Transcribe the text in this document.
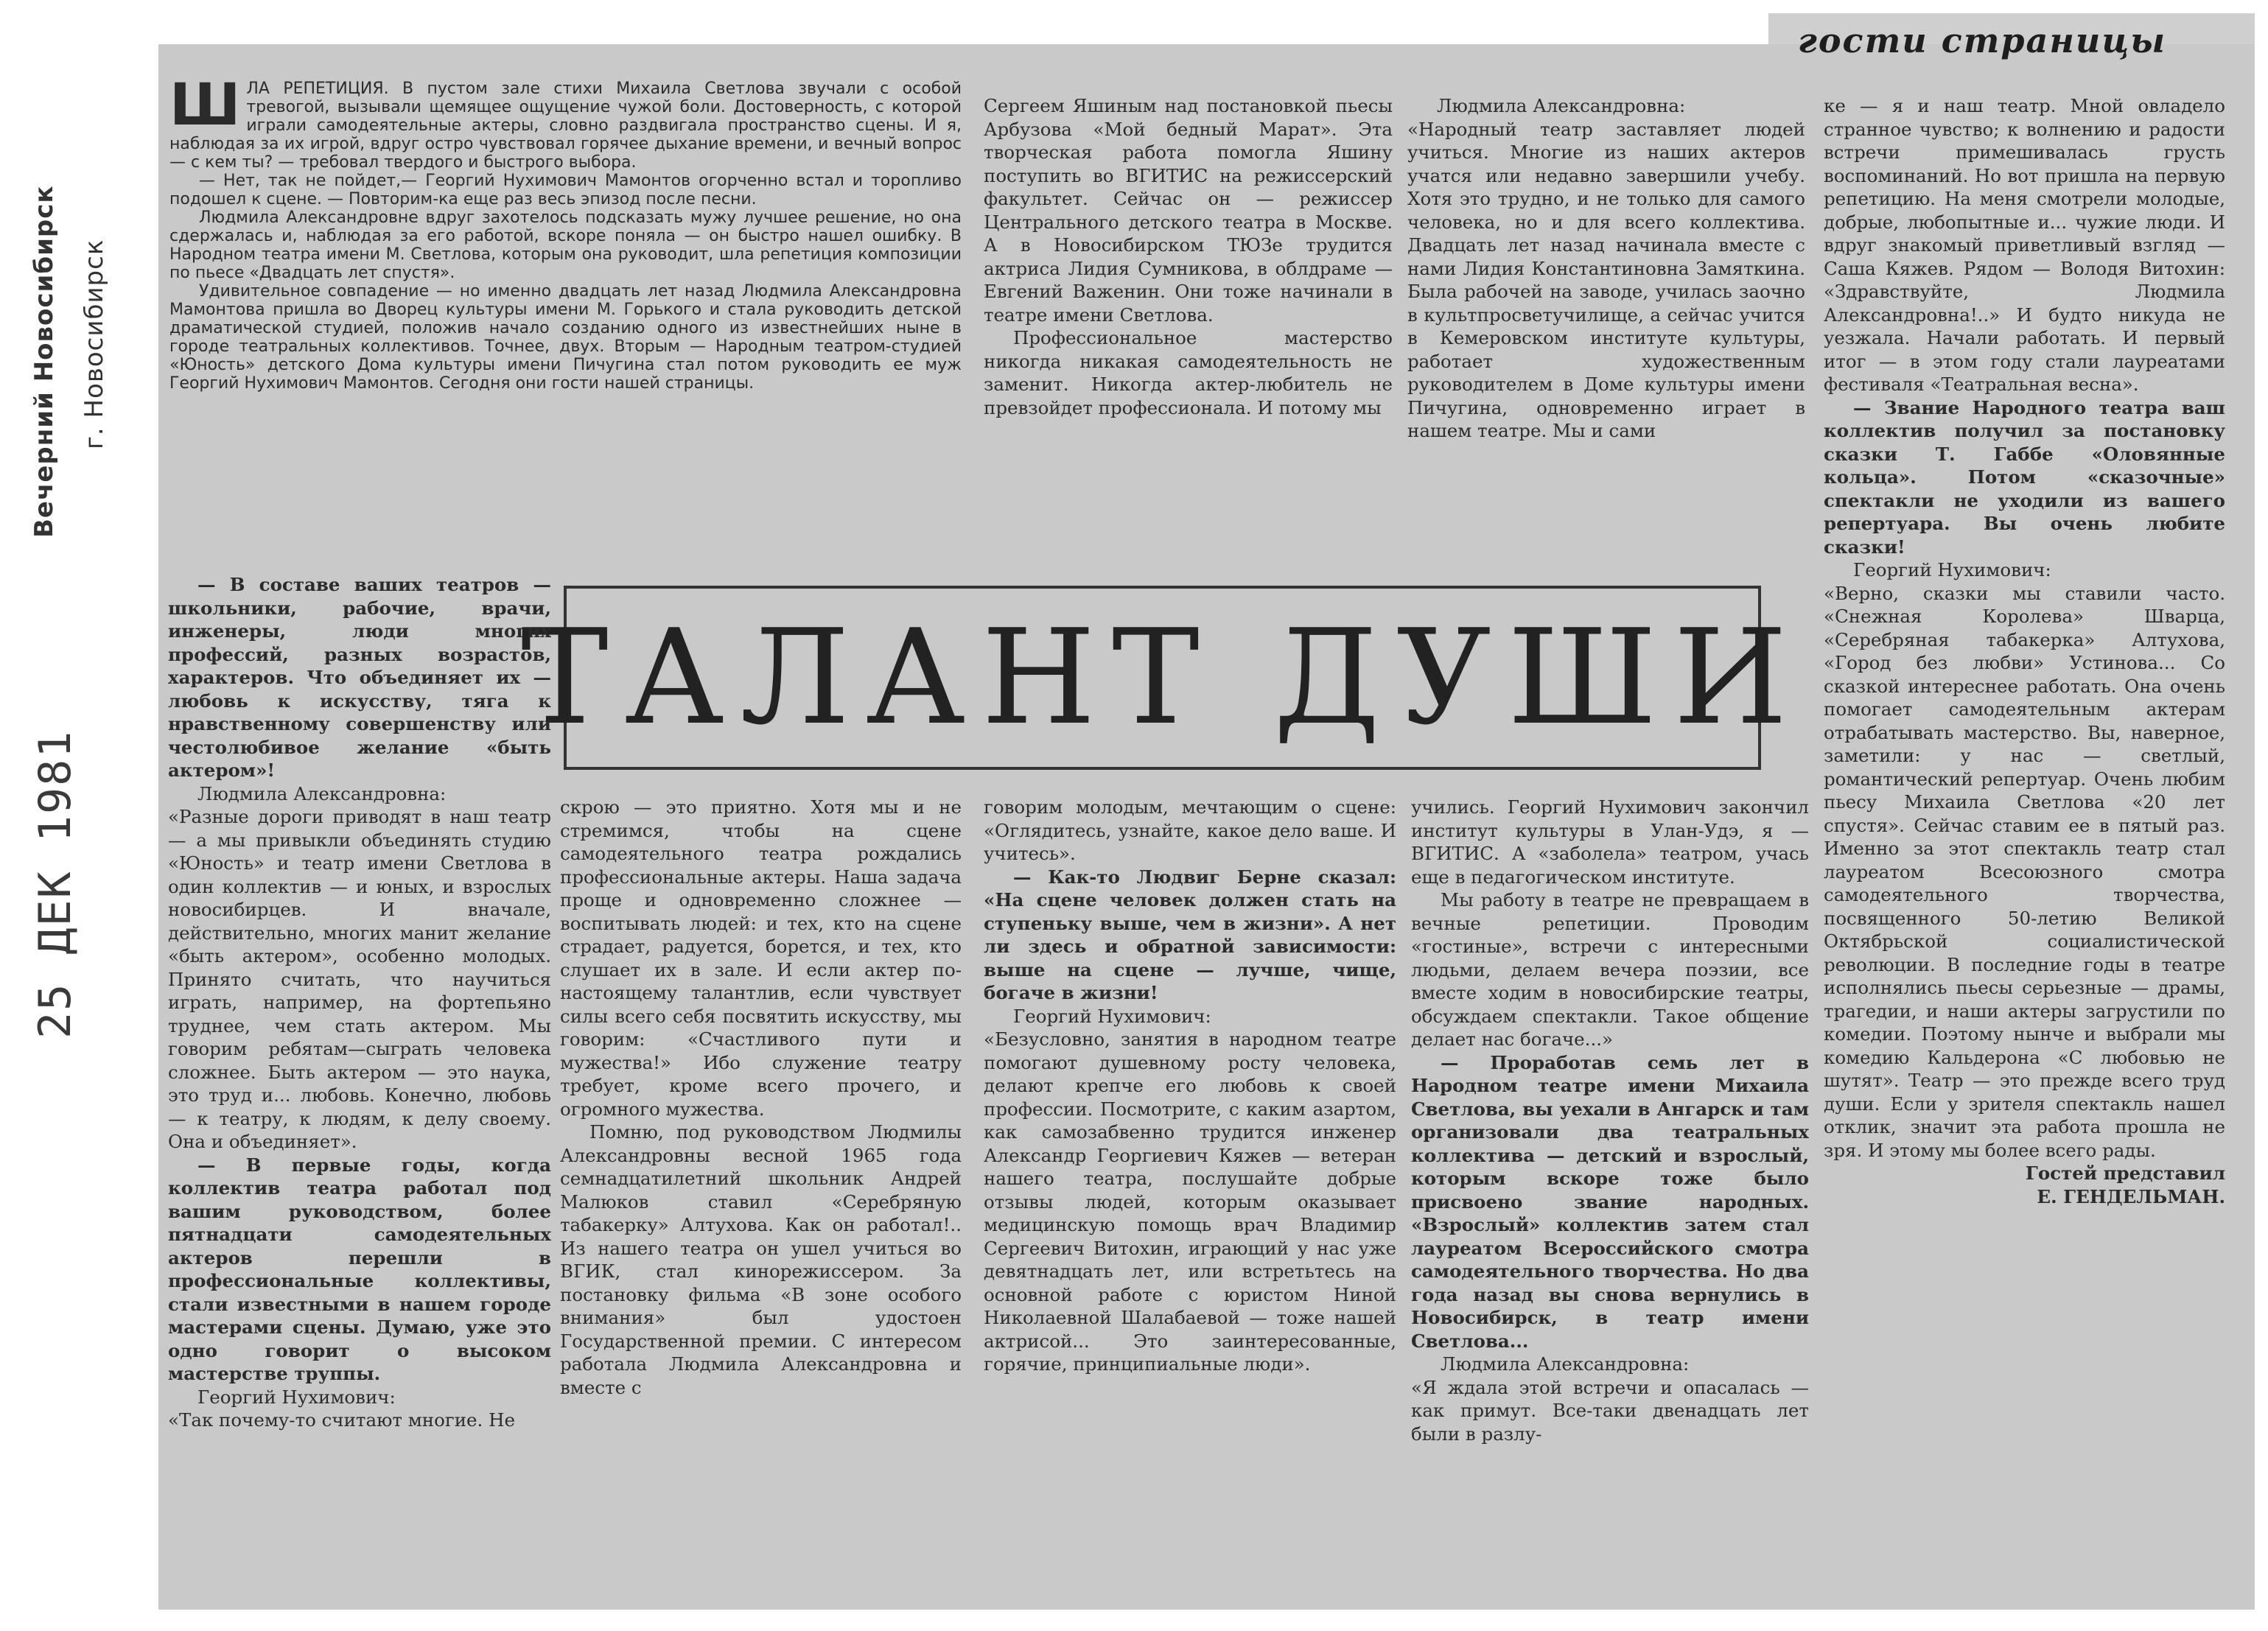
гости страницы
Вечерний Новосибирск г. Новосибирск
25 ДЕК 1981
Ш ЛА РЕПЕТИЦИЯ. В пустом зале стихи Михаила Светлова звучали с особой тревогой, вызывали щемящее ощущение чужой боли. Достоверность, с которой играли самодеятельные актеры, словно раздвигала пространство сцены. И я, наблюдая за их игрой, вдруг остро чувствовал горячее дыхание времени, и вечный вопрос — с кем ты? — требовал твердого и быстрого выбора.

— Нет, так не пойдет,— Георгий Нухимович Мамонтов огорченно встал и торопливо подошел к сцене. — Повторим-ка еще раз весь эпизод после песни.

Людмила Александровне вдруг захотелось подсказать мужу лучшее решение, но она сдержалась и, наблюдая за его работой, вскоре поняла — он быстро нашел ошибку. В Народном театра имени М. Светлова, которым она руководит, шла репетиция композиции по пьесе «Двадцать лет спустя».

Удивительное совпадение — но именно двадцать лет назад Людмила Александровна Мамонтова пришла во Дворец культуры имени М. Горького и стала руководить детской драматической студией, положив начало созданию одного из известнейших ныне в городе театральных коллективов. Точнее, двух. Вторым — Народным театром-студией «Юность» детского Дома культуры имени Пичугина стал потом руководить ее муж Георгий Нухимович Мамонтов. Сегодня они гости нашей страницы.

Сергеем Яшиным над постановкой пьесы Арбузова «Мой бедный Марат». Эта творческая работа помогла Яшину поступить во ВГИТИС на режиссерский факультет. Сейчас он — режиссер Центрального детского театра в Москве. А в Новосибирском ТЮЗе трудится актриса Лидия Сумникова, в облдраме — Евгений Важенин. Они тоже начинали в театре имени Светлова.

Профессиональное мастерство никогда никакая самодеятельность не заменит. Никогда актер-любитель не превзойдет профессионала. И потому мы

Людмила Александровна:

«Народный театр заставляет людей учиться. Многие из наших актеров учатся или недавно завершили учебу. Хотя это трудно, и не только для самого человека, но и для всего коллектива. Двадцать лет назад начинала вместе с нами Лидия Константиновна Замяткина. Была рабочей на заводе, училась заочно в культпросветучилище, а сейчас учится в Кемеровском институте культуры, работает художественным руководителем в Доме культуры имени Пичугина, одновременно играет в нашем театре. Мы и сами

ке — я и наш театр. Мной овладело странное чувство; к волнению и радости встречи примешивалась грусть воспоминаний. Но вот пришла на первую репетицию. На меня смотрели молодые, добрые, любопытные и... чужие люди. И вдруг знакомый приветливый взгляд — Саша Кяжев. Рядом — Володя Витохин: «Здравствуйте, Людмила Александровна!..» И будто никуда не уезжала. Начали работать. И первый итог — в этом году стали лауреатами фестиваля «Театральная весна».

— Звание Народного театра ваш коллектив получил за постановку сказки Т. Габбе «Оловянные кольца». Потом «сказочные» спектакли не уходили из вашего репертуара. Вы очень любите сказки!

Георгий Нухимович:

«Верно, сказки мы ставили часто. «Снежная Королева» Шварца, «Серебряная табакерка» Алтухова, «Город без любви» Устинова... Со сказкой интереснее работать. Она очень помогает самодеятельным актерам отрабатывать мастерство. Вы, наверное, заметили: у нас — светлый, романтический репертуар. Очень любим пьесу Михаила Светлова «20 лет спустя». Сейчас ставим ее в пятый раз. Именно за этот спектакль театр стал лауреатом Всесоюзного смотра самодеятельного творчества, посвященного 50-летию Великой Октябрьской социалистической революции. В последние годы в театре исполнялись пьесы серьезные — драмы, трагедии, и наши актеры загрустили по комедии. Поэтому нынче и выбрали мы комедию Кальдерона «С любовью не шутят». Театр — это прежде всего труд души. Если у зрителя спектакль нашел отклик, значит эта работа прошла не зря. И этому мы более всего рады.

Гостей представил

Е. ГЕНДЕЛЬМАН.

ТАЛАНТ ДУШИ

— В составе ваших театров — школьники, рабочие, врачи, инженеры, люди многих профессий, разных возрастов, характеров. Что объединяет их — любовь к искусству, тяга к нравственному совершенству или честолюбивое желание «быть актером»!

Людмила Александровна:

«Разные дороги приводят в наш театр — а мы привыкли объединять студию «Юность» и театр имени Светлова в один коллектив — и юных, и взрослых новосибирцев. И вначале, действительно, многих манит желание «быть актером», особенно молодых. Принято считать, что научиться играть, например, на фортепьяно труднее, чем стать актером. Мы говорим ребятам—сыграть человека сложнее. Быть актером — это наука, это труд и... любовь. Конечно, любовь — к театру, к людям, к делу своему. Она и объединяет».

— В первые годы, когда коллектив театра работал под вашим руководством, более пятнадцати самодеятельных актеров перешли в профессиональные коллективы, стали известными в нашем городе мастерами сцены. Думаю, уже это одно говорит о высоком мастерстве труппы.

Георгий Нухимович:

«Так почему-то считают многие. Не

скрою — это приятно. Хотя мы и не стремимся, чтобы на сцене самодеятельного театра рождались профессиональные актеры. Наша задача проще и одновременно сложнее — воспитывать людей: и тех, кто на сцене страдает, радуется, борется, и тех, кто слушает их в зале. И если актер по-настоящему талантлив, если чувствует силы всего себя посвятить искусству, мы говорим: «Счастливого пути и мужества!» Ибо служение театру требует, кроме всего прочего, и огромного мужества.

Помню, под руководством Людмилы Александровны весной 1965 года семнадцатилетний школьник Андрей Малюков ставил «Серебряную табакерку» Алтухова. Как он работал!.. Из нашего театра он ушел учиться во ВГИК, стал кинорежиссером. За постановку фильма «В зоне особого внимания» был удостоен Государственной премии. С интересом работала Людмила Александровна и вместе с

говорим молодым, мечтающим о сцене: «Оглядитесь, узнайте, какое дело ваше. И учитесь».

— Как-то Людвиг Берне сказал: «На сцене человек должен стать на ступеньку выше, чем в жизни». А нет ли здесь и обратной зависимости: выше на сцене — лучше, чище, богаче в жизни!

Георгий Нухимович:

«Безусловно, занятия в народном театре помогают душевному росту человека, делают крепче его любовь к своей профессии. Посмотрите, с каким азартом, как самозабвенно трудится инженер Александр Георгиевич Кяжев — ветеран нашего театра, послушайте добрые отзывы людей, которым оказывает медицинскую помощь врач Владимир Сергеевич Витохин, играющий у нас уже девятнадцать лет, или встретьтесь на основной работе с юристом Ниной Николаевной Шалабаевой — тоже нашей актрисой... Это заинтересованные, горячие, принципиальные люди».

учились. Георгий Нухимович закончил институт культуры в Улан-Удэ, я — ВГИТИС. А «заболела» театром, учась еще в педагогическом институте.

Мы работу в театре не превращаем в вечные репетиции. Проводим «гостиные», встречи с интересными людьми, делаем вечера поэзии, все вместе ходим в новосибирские театры, обсуждаем спектакли. Такое общение делает нас богаче...»

— Проработав семь лет в Народном театре имени Михаила Светлова, вы уехали в Ангарск и там организовали два театральных коллектива — детский и взрослый, которым вскоре тоже было присвоено звание народных. «Взрослый» коллектив затем стал лауреатом Всероссийского смотра самодеятельного творчества. Но два года назад вы снова вернулись в Новосибирск, в театр имени Светлова...

Людмила Александровна:

«Я ждала этой встречи и опасалась — как примут. Все-таки двенадцать лет были в разлу-
